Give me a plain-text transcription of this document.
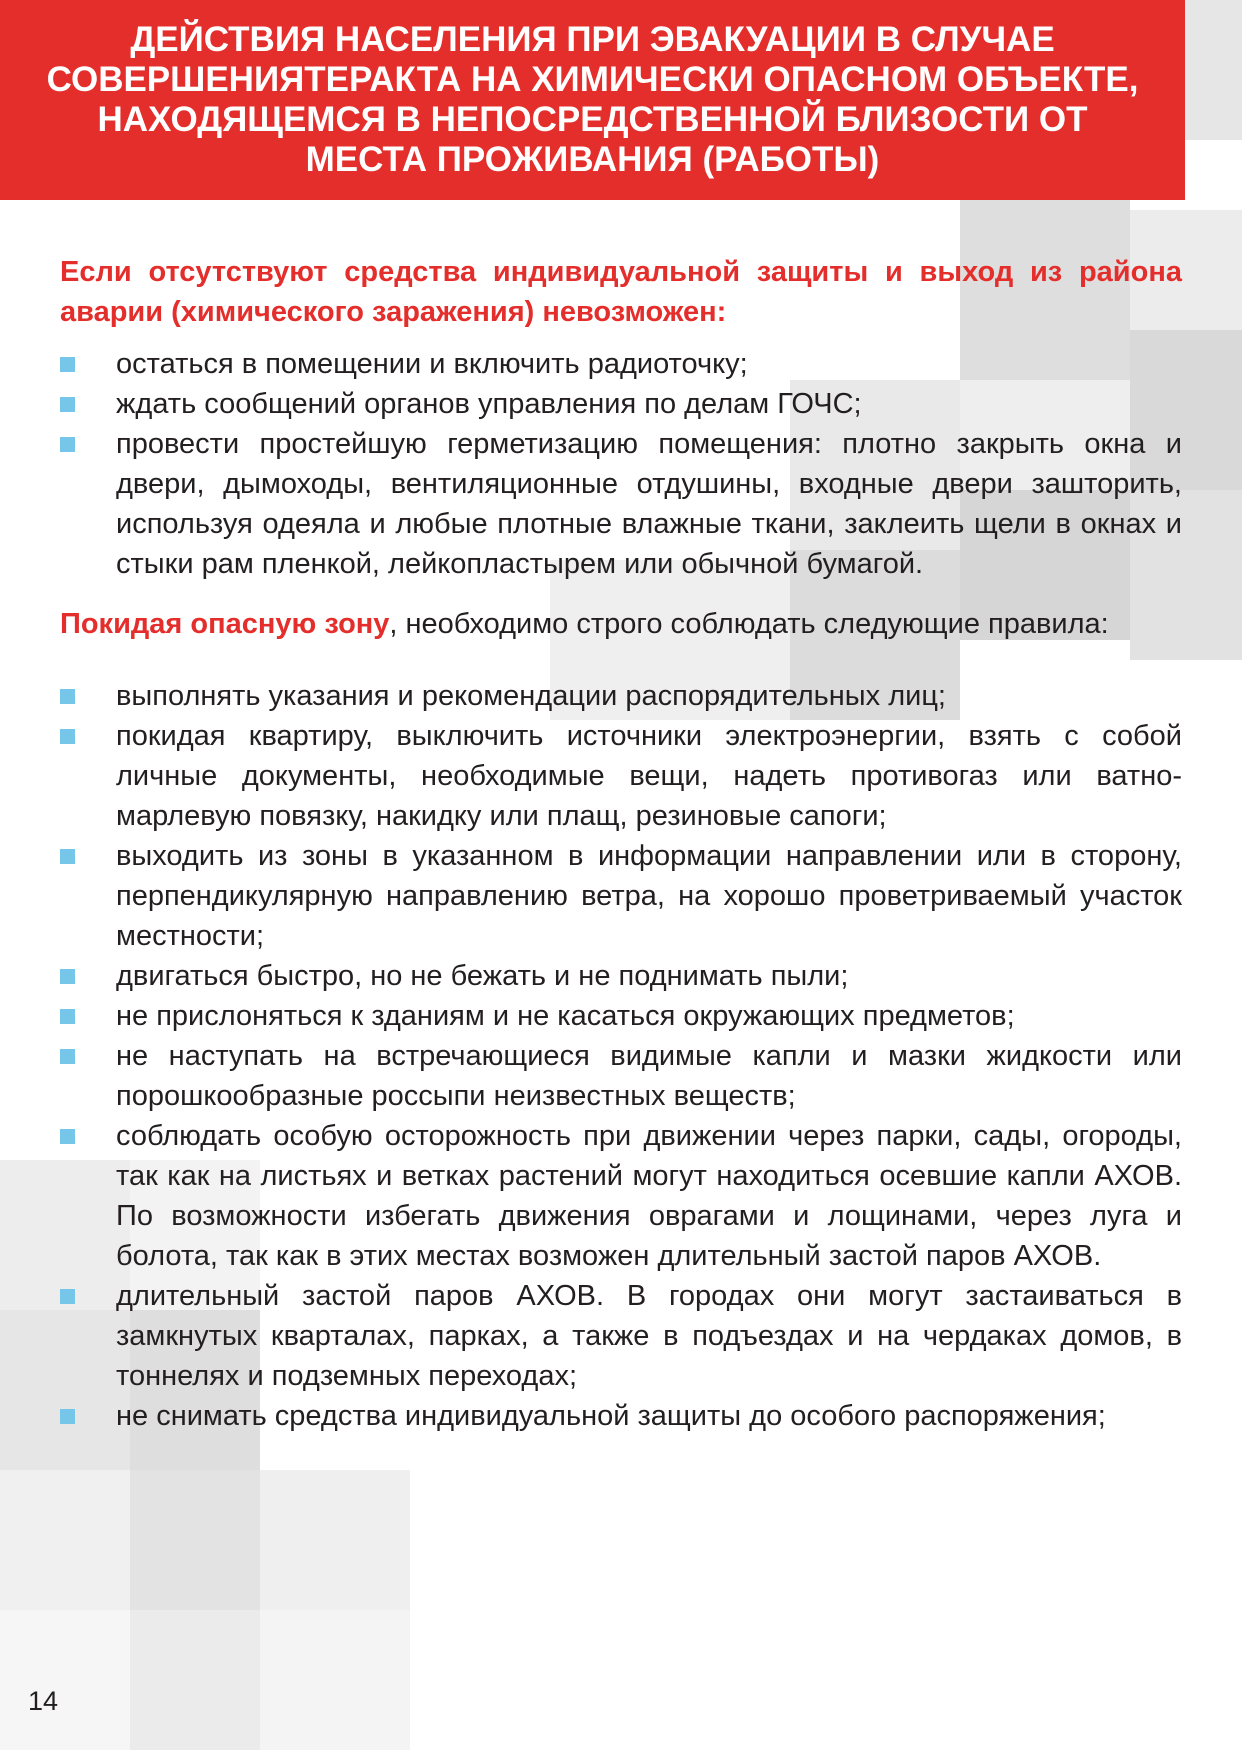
ДЕЙСТВИЯ НАСЕЛЕНИЯ ПРИ ЭВАКУАЦИИ В СЛУЧАЕ СОВЕРШЕНИЯТЕРАКТА НА ХИМИЧЕСКИ ОПАСНОМ ОБЪЕКТЕ, НАХОДЯЩЕМСЯ В НЕПОСРЕДСТВЕННОЙ БЛИЗОСТИ ОТ МЕСТА ПРОЖИВАНИЯ (РАБОТЫ)

Если отсутствуют средства индивидуальной защиты и выход из района аварии (химического заражения) невозможен:

остаться в помещении и включить радиоточку;
ждать сообщений органов управления по делам ГОЧС;
провести простейшую герметизацию помещения: плотно закрыть окна и двери, дымоходы, вентиляционные отдушины, входные двери зашторить, используя одеяла и любые плотные влажные ткани, заклеить щели в окнах и стыки рам пленкой, лейкопластырем или обычной бумагой.

Покидая опасную зону, необходимо строго соблюдать следующие правила:

выполнять указания и рекомендации распорядительных лиц;
покидая квартиру, выключить источники электроэнергии, взять с собой личные документы, необходимые вещи, надеть противогаз или ватно-марлевую повязку, накидку или плащ, резиновые сапоги;
выходить из зоны в указанном в информации направлении или в сторону, перпендикулярную направлению ветра, на хорошо проветриваемый участок местности;
двигаться быстро, но не бежать и не поднимать пыли;
не прислоняться к зданиям и не касаться окружающих предметов;
не наступать на встречающиеся видимые капли и мазки жидкости или порошкообразные россыпи неизвестных веществ;
соблюдать особую осторожность при движении через парки, сады, огороды, так как на листьях и ветках растений могут находиться осевшие капли АХОВ. По возможности избегать движения оврагами и лощинами, через луга и болота, так как в этих местах возможен длительный застой паров АХОВ.
длительный застой паров АХОВ. В городах они могут застаиваться в замкнутых кварталах, парках, а также в подъездах и на чердаках домов, в тоннелях и подземных переходах;
не снимать средства индивидуальной защиты до особого распоряжения;
14
